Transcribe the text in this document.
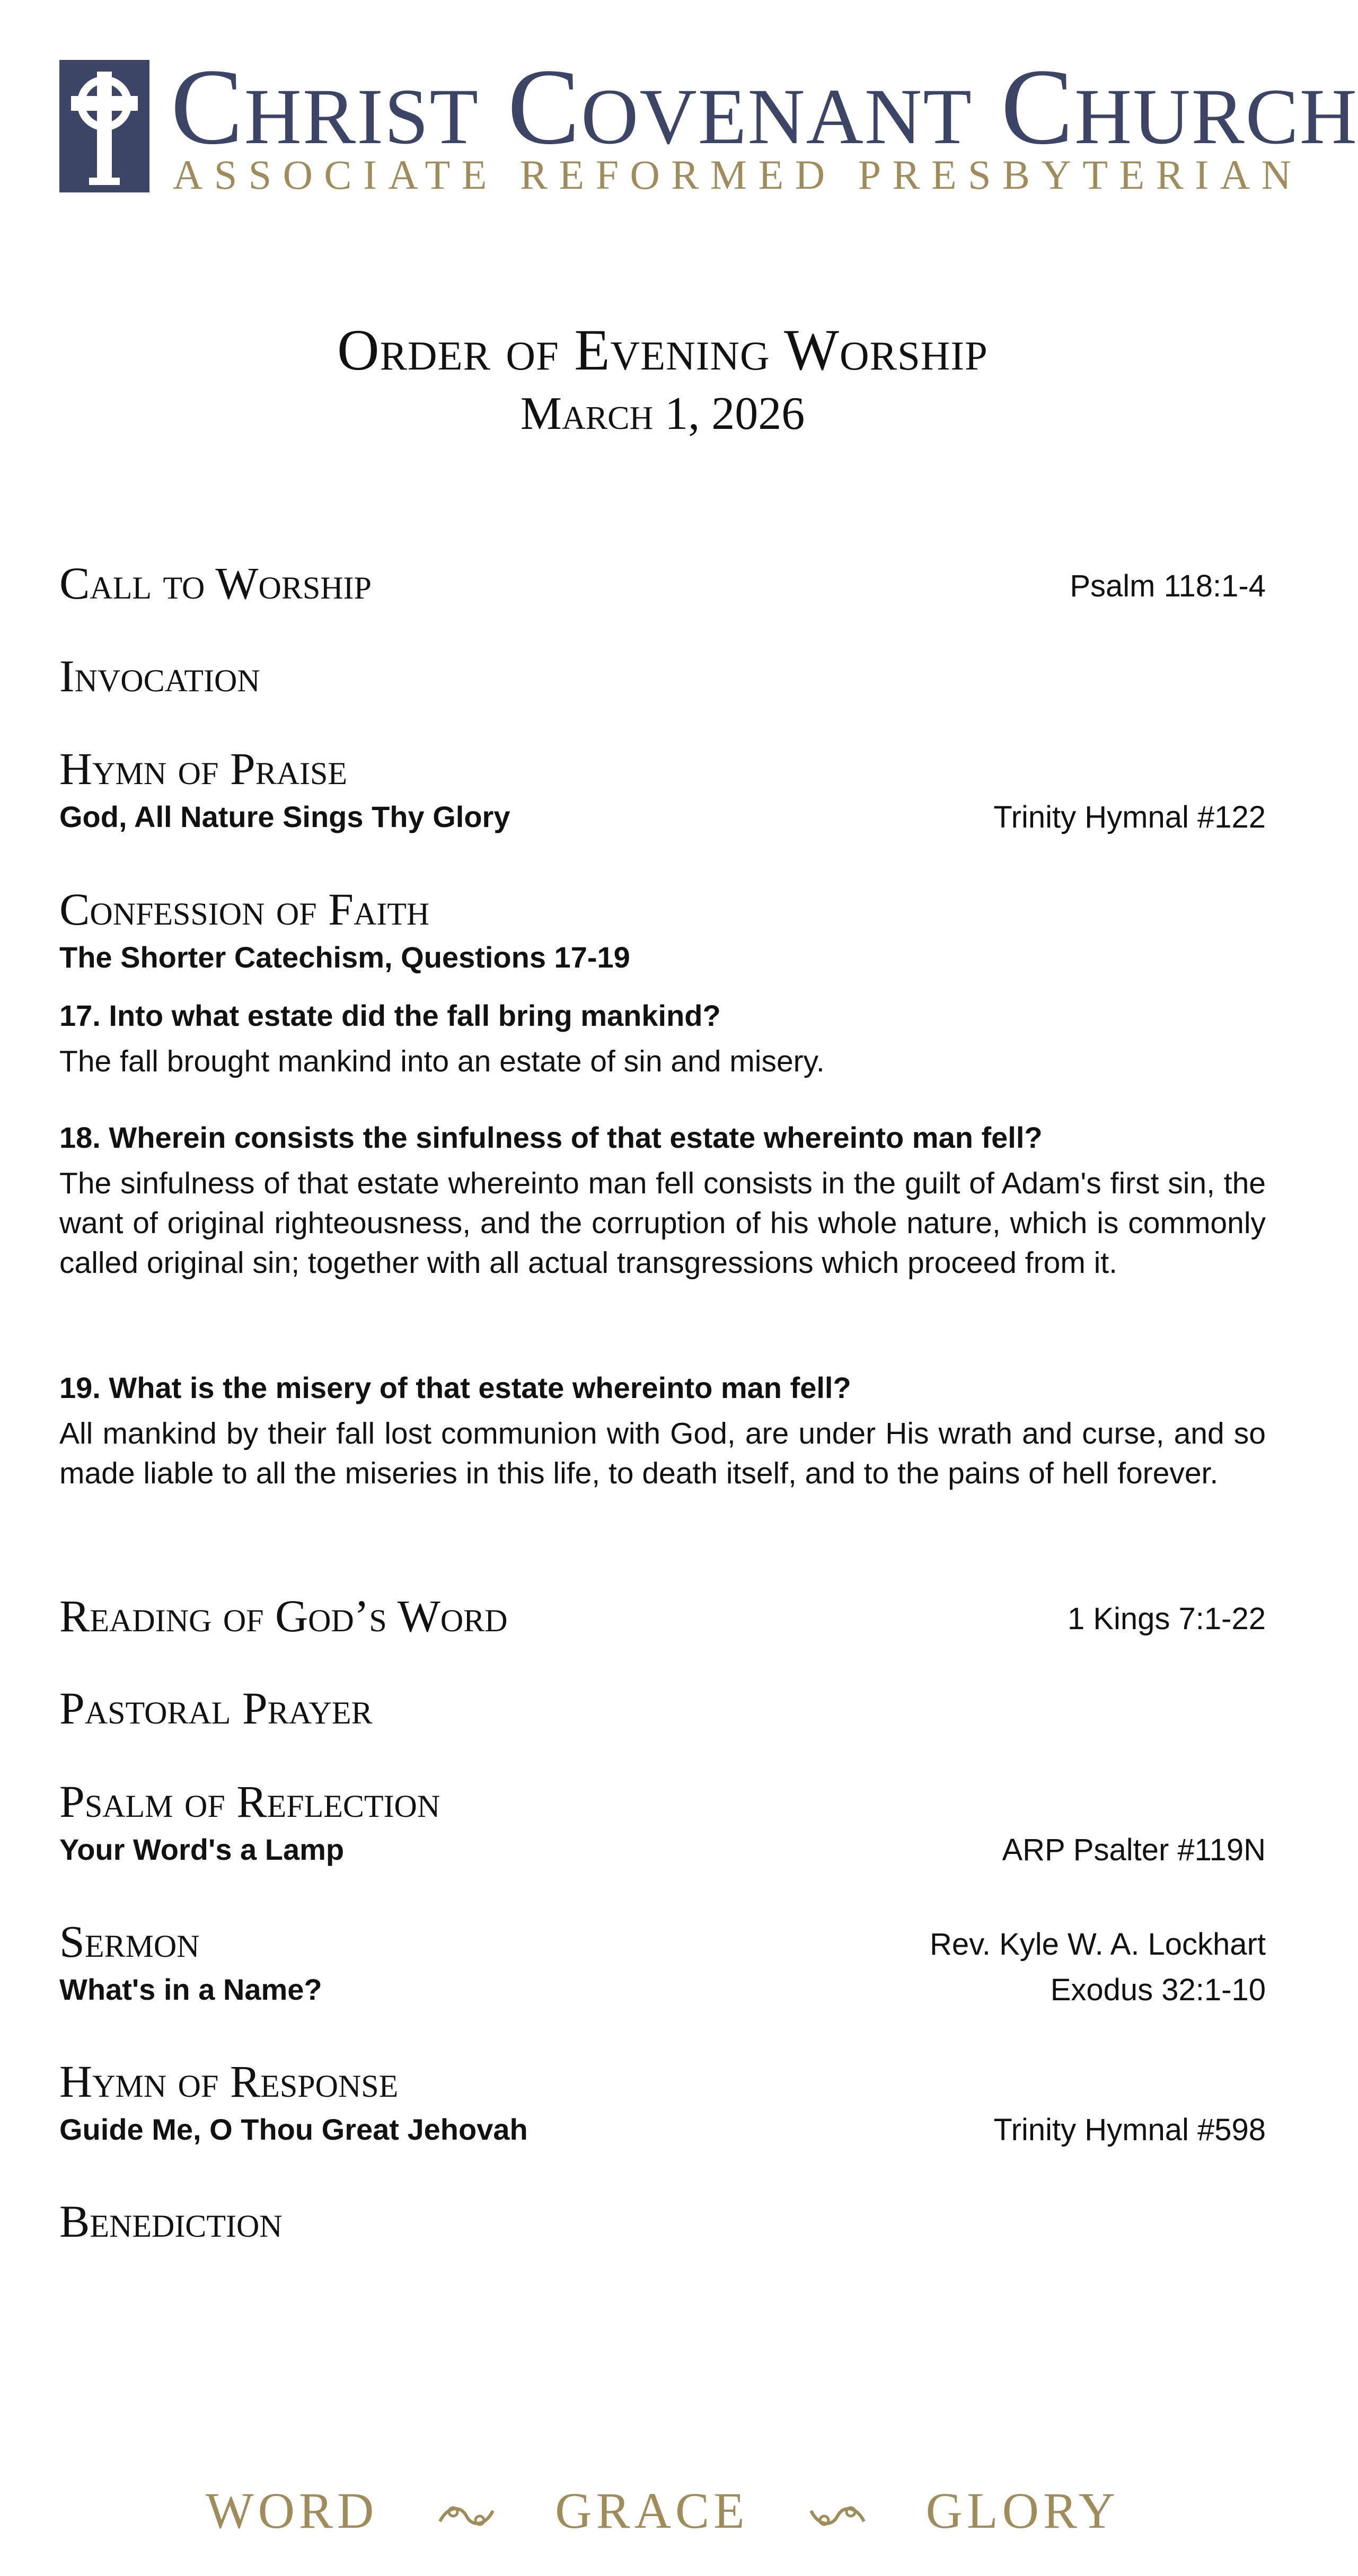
CHRIST COVENANT CHURCH
ASSOCIATE REFORMED PRESBYTERIAN
Order of Evening Worship
March 1, 2026
Call to Worship	Psalm 118:1-4
Invocation
Hymn of Praise
God, All Nature Sings Thy Glory	Trinity Hymnal #122
Confession of Faith
The Shorter Catechism, Questions 17-19
17. Into what estate did the fall bring mankind?
The fall brought mankind into an estate of sin and misery.
18. Wherein consists the sinfulness of that estate whereinto man fell?
The sinfulness of that estate whereinto man fell consists in the guilt of Adam's first sin, the want of original righteousness, and the corruption of his whole nature, which is commonly called original sin; together with all actual transgressions which proceed from it.
19. What is the misery of that estate whereinto man fell?
All mankind by their fall lost communion with God, are under His wrath and curse, and so made liable to all the miseries in this life, to death itself, and to the pains of hell forever.
Reading of God’s Word	1 Kings 7:1-22
Pastoral Prayer
Psalm of Reflection
Your Word's a Lamp	ARP Psalter #119N
Sermon	Rev. Kyle W. A. Lockhart
What's in a Name?	Exodus 32:1-10
Hymn of Response
Guide Me, O Thou Great Jehovah	Trinity Hymnal #598
Benediction
WORD	GRACE	GLORY
